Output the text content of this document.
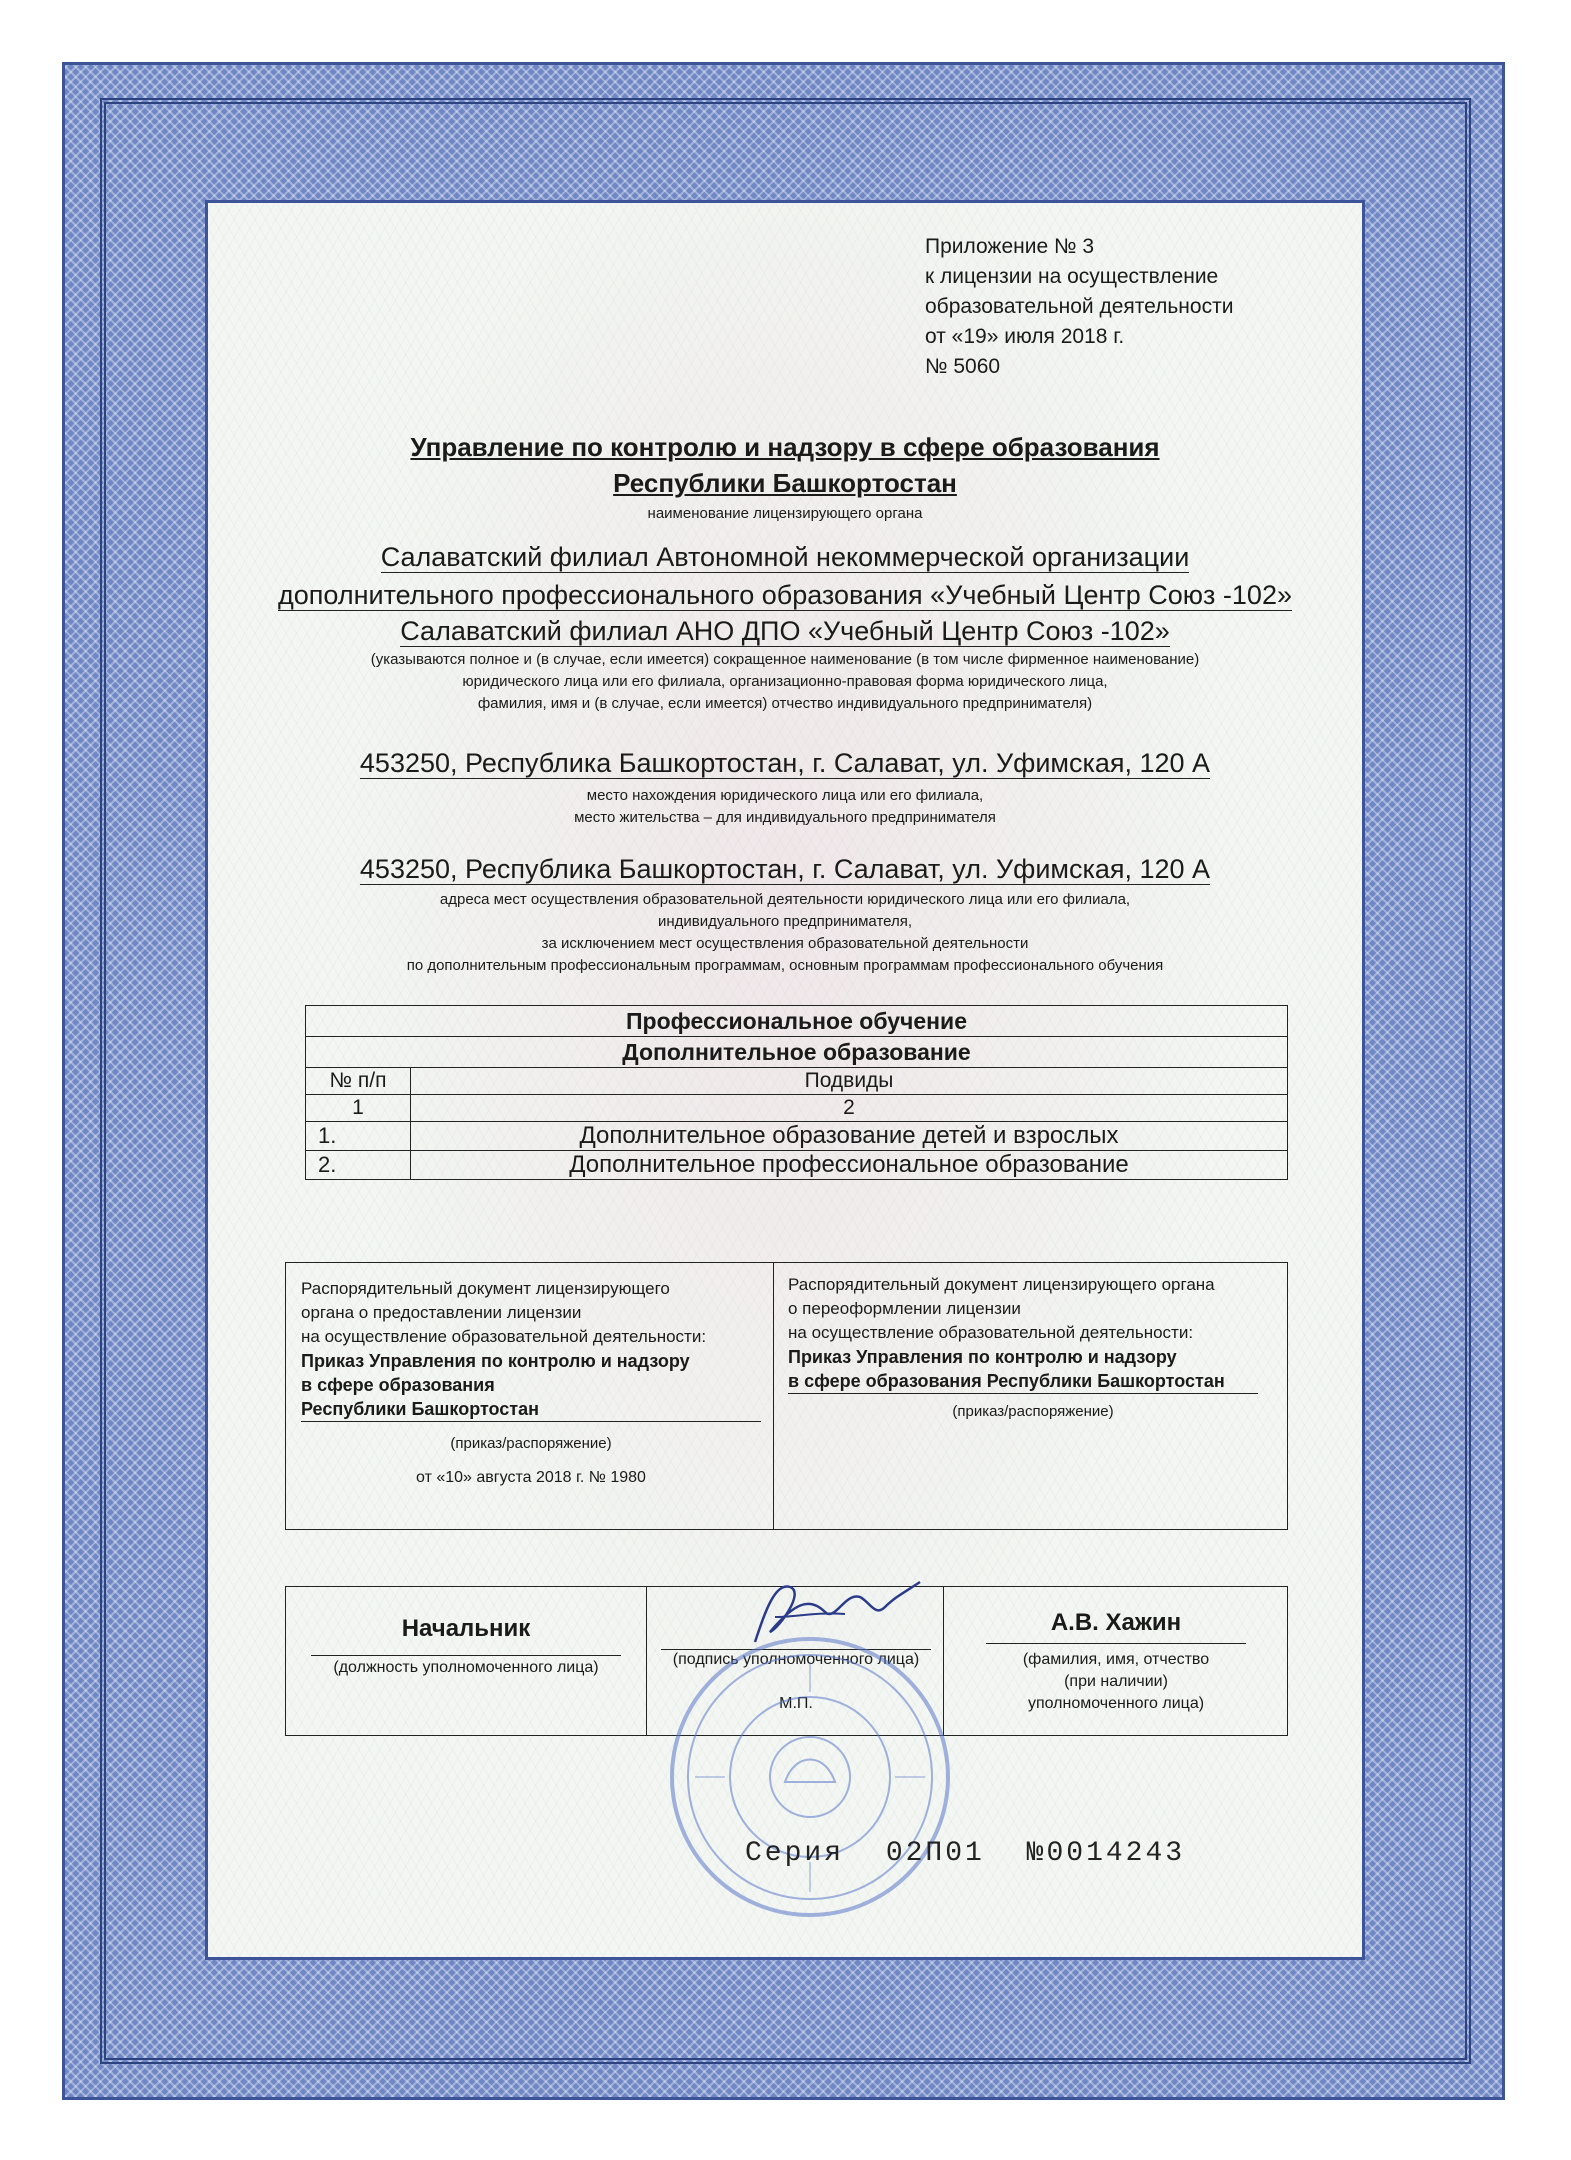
Приложение № 3
к лицензии на осуществление
образовательной деятельности
от «19» июля 2018 г.
№ 5060
Управление по контролю и надзору в сфере образования
Республики Башкортостан
наименование лицензирующего органа
Салаватский филиал Автономной некоммерческой организации
дополнительного профессионального образования «Учебный Центр Союз -102»
Салаватский филиал АНО ДПО «Учебный Центр Союз -102»
(указываются полное и (в случае, если имеется) сокращенное наименование (в том числе фирменное наименование)
юридического лица или его филиала, организационно-правовая форма юридического лица,
фамилия, имя и (в случае, если имеется) отчество индивидуального предпринимателя)
453250, Республика Башкортостан, г. Салават, ул. Уфимская, 120 А
место нахождения юридического лица или его филиала,
место жительства – для индивидуального предпринимателя
453250, Республика Башкортостан, г. Салават, ул. Уфимская, 120 А
адреса мест осуществления образовательной деятельности юридического лица или его филиала,
индивидуального предпринимателя,
за исключением мест осуществления образовательной деятельности
по дополнительным профессиональным программам, основным программам профессионального обучения
Профессиональное обучение	
Дополнительное образование	
№ п/п	Подвиды
1	2
1.	Дополнительное образование детей и взрослых
2.	Дополнительное профессиональное образование
Распорядительный документ лицензирующего
органа о предоставлении лицензии
на осуществление образовательной деятельности:
Приказ Управления по контролю и надзору
в сфере образования
Республики Башкортостан
(приказ/распоряжение)
от «10» августа 2018 г. № 1980
Распорядительный документ лицензирующего органа
о переоформлении лицензии
на осуществление образовательной деятельности:
Приказ Управления по контролю и надзору
в сфере образования Республики Башкортостан
(приказ/распоряжение)
Начальник
(должность уполномоченного лица)	(подпись уполномоченного лица)
М.П.
А.В. Хажин
(фамилия, имя, отчество
(при наличии)
уполномоченного лица)
Серия 02П01 №0014243
